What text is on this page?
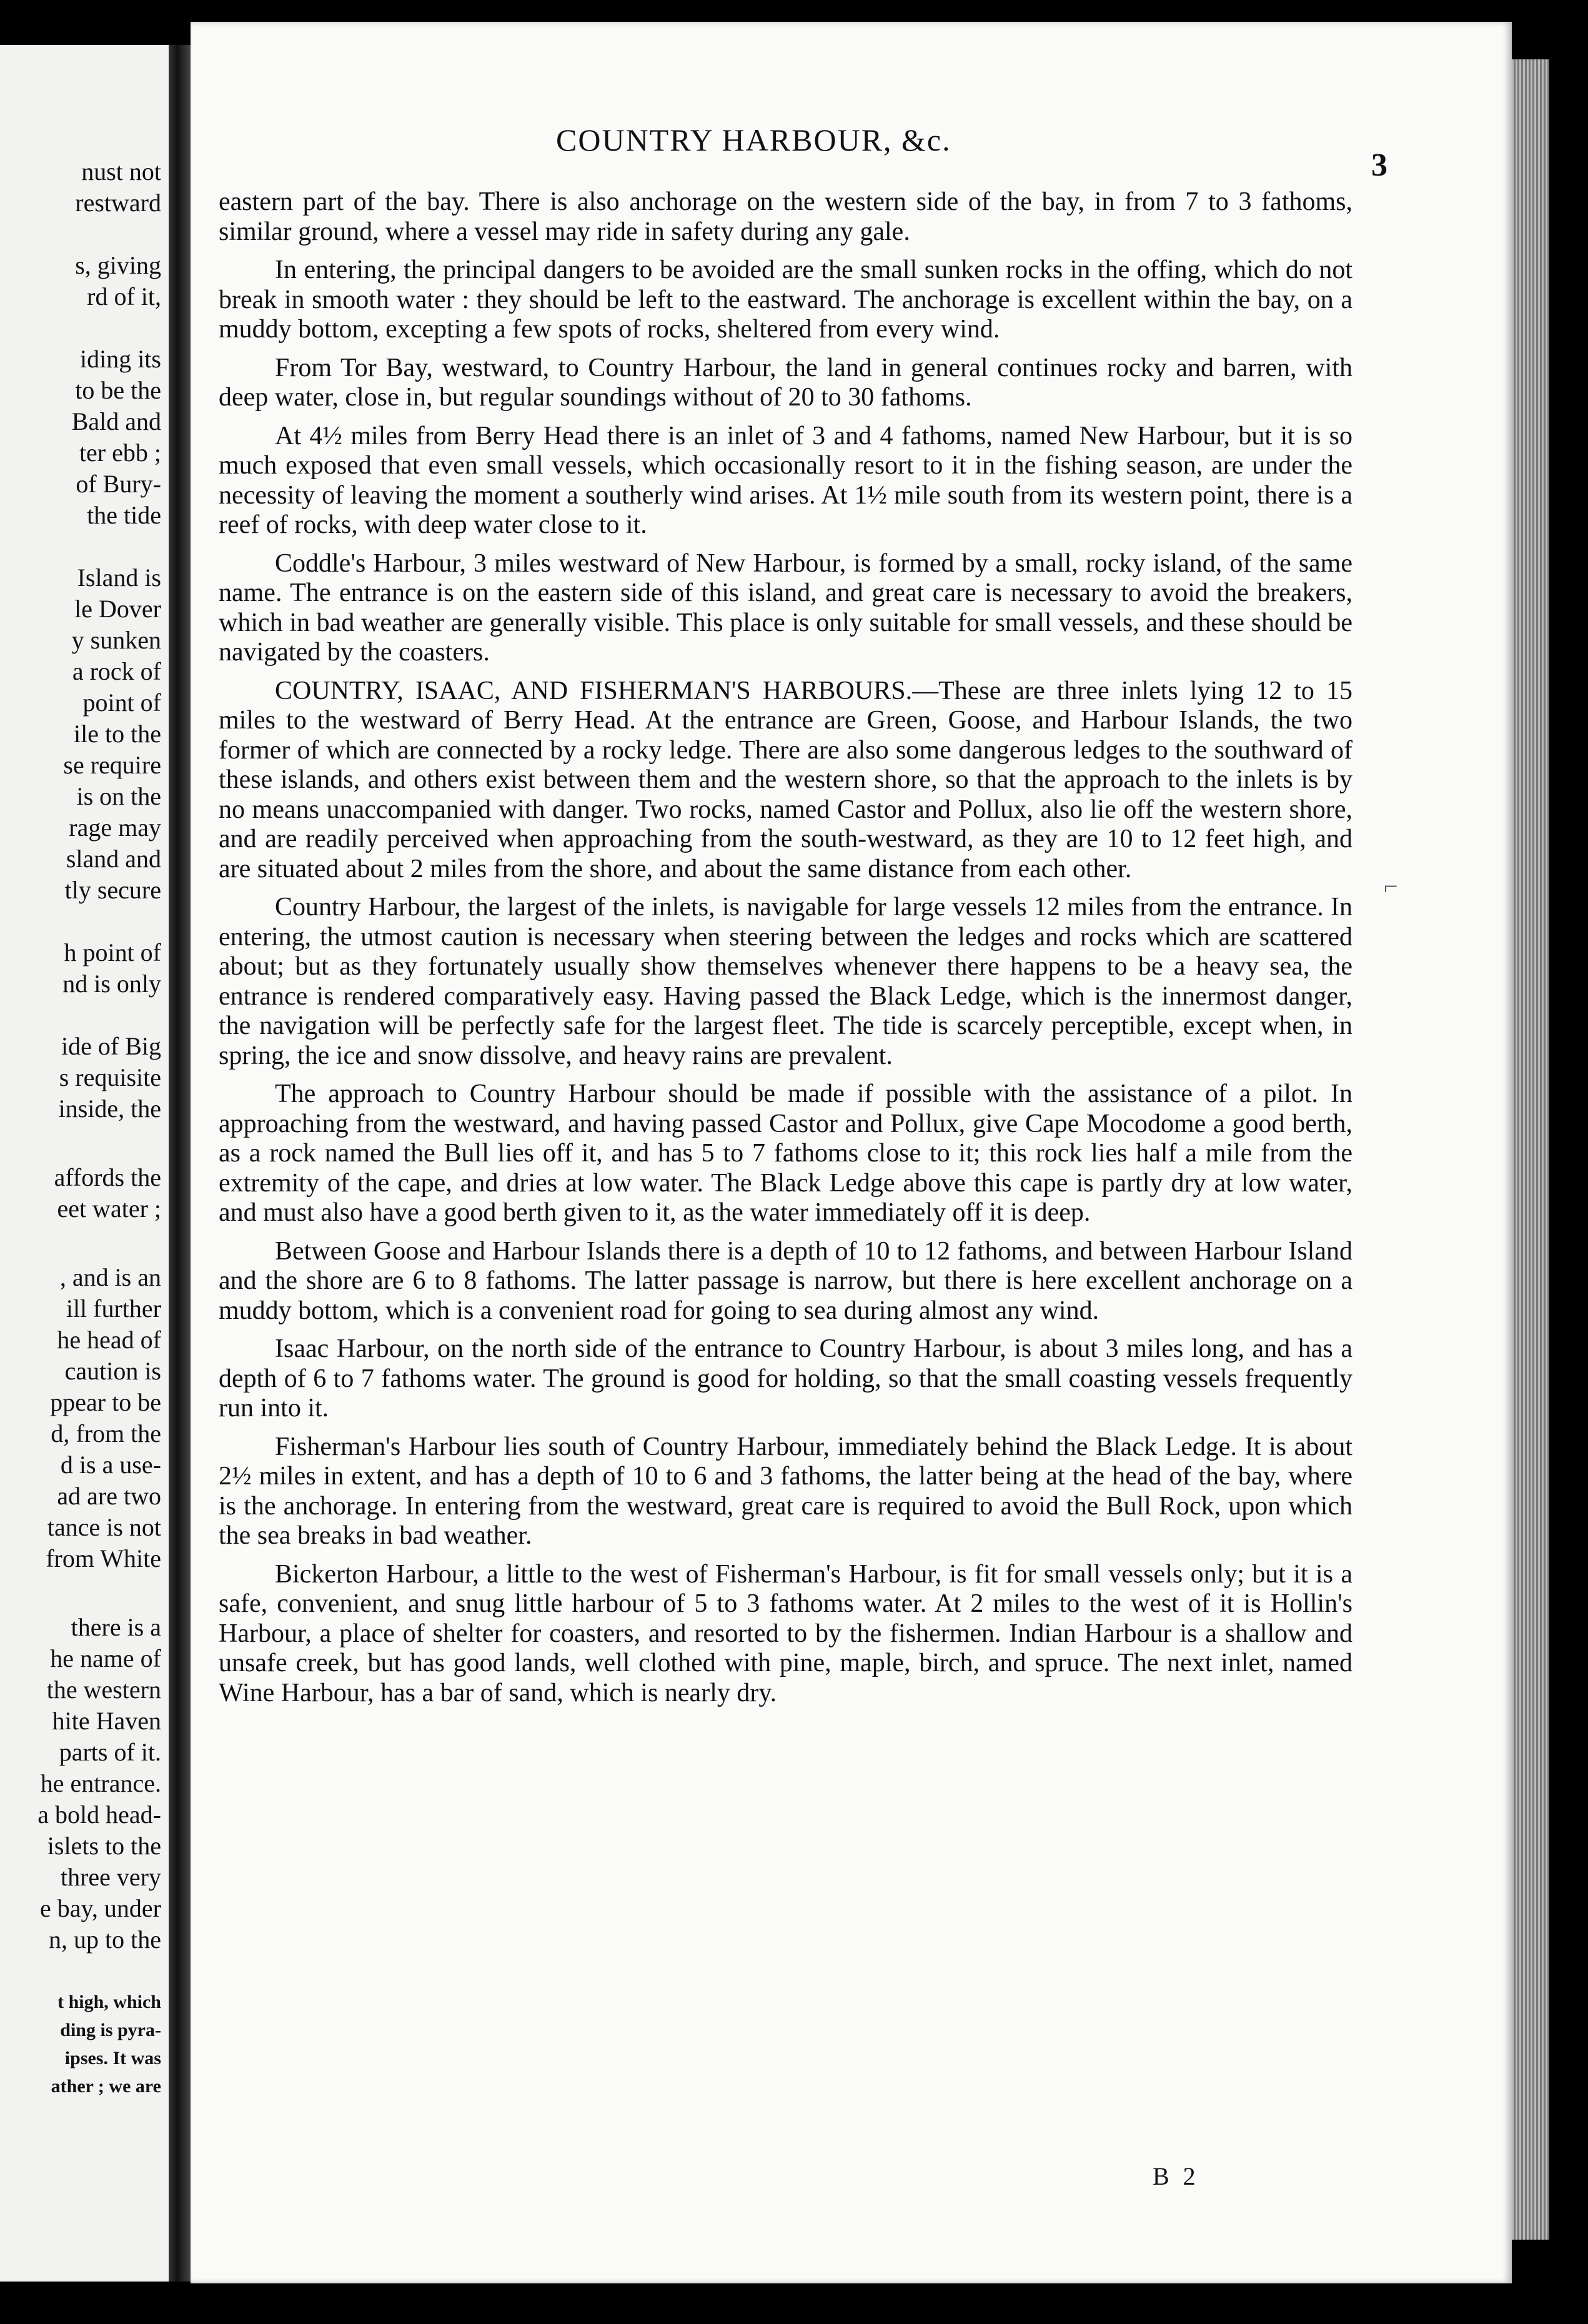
nust not
restward
s, giving
rd of it,
iding its
to be the
Bald and
ter ebb ;
of Bury-
the tide
Island is
le Dover
y sunken
a rock of
point of
ile to the
se require
is on the
rage may
sland and
tly secure
h point of
nd is only
ide of Big
s requisite
inside, the
affords the
eet water ;
, and is an
ill further
he head of
caution is
ppear to be
d, from the
d is a use-
ad are two
tance is not
from White
there is a
he name of
the western
hite Haven
parts of it.
he entrance.
a bold head-
islets to the
three very
e bay, under
n, up to the
t high, which
ding is pyra-
ipses. It was
ather ; we are
COUNTRY HARBOUR, &c.
3

eastern part of the bay. There is also anchorage on the western side of the bay, in from 7 to 3 fathoms, similar ground, where a vessel may ride in safety during any gale.

In entering, the principal dangers to be avoided are the small sunken rocks in the offing, which do not break in smooth water : they should be left to the eastward. The anchorage is excellent within the bay, on a muddy bottom, excepting a few spots of rocks, sheltered from every wind.

From Tor Bay, westward, to Country Harbour, the land in general continues rocky and barren, with deep water, close in, but regular soundings without of 20 to 30 fathoms.

At 4½ miles from Berry Head there is an inlet of 3 and 4 fathoms, named New Harbour, but it is so much exposed that even small vessels, which occasionally resort to it in the fishing season, are under the necessity of leaving the moment a southerly wind arises. At 1½ mile south from its western point, there is a reef of rocks, with deep water close to it.

Coddle's Harbour, 3 miles westward of New Harbour, is formed by a small, rocky island, of the same name. The entrance is on the eastern side of this island, and great care is necessary to avoid the breakers, which in bad weather are generally visible. This place is only suitable for small vessels, and these should be navigated by the coasters.

COUNTRY, ISAAC, AND FISHERMAN'S HARBOURS.—These are three inlets lying 12 to 15 miles to the westward of Berry Head. At the entrance are Green, Goose, and Harbour Islands, the two former of which are connected by a rocky ledge. There are also some dangerous ledges to the southward of these islands, and others exist between them and the western shore, so that the approach to the inlets is by no means unaccompanied with danger. Two rocks, named Castor and Pollux, also lie off the western shore, and are readily perceived when approaching from the south-westward, as they are 10 to 12 feet high, and are situated about 2 miles from the shore, and about the same distance from each other.

Country Harbour, the largest of the inlets, is navigable for large vessels 12 miles from the entrance. In entering, the utmost caution is necessary when steering between the ledges and rocks which are scattered about; but as they fortunately usually show themselves whenever there happens to be a heavy sea, the entrance is rendered comparatively easy. Having passed the Black Ledge, which is the innermost danger, the navigation will be perfectly safe for the largest fleet. The tide is scarcely perceptible, except when, in spring, the ice and snow dissolve, and heavy rains are prevalent.

The approach to Country Harbour should be made if possible with the assistance of a pilot. In approaching from the westward, and having passed Castor and Pollux, give Cape Mocodome a good berth, as a rock named the Bull lies off it, and has 5 to 7 fathoms close to it; this rock lies half a mile from the extremity of the cape, and dries at low water. The Black Ledge above this cape is partly dry at low water, and must also have a good berth given to it, as the water immediately off it is deep.

Between Goose and Harbour Islands there is a depth of 10 to 12 fathoms, and between Harbour Island and the shore are 6 to 8 fathoms. The latter passage is narrow, but there is here excellent anchorage on a muddy bottom, which is a convenient road for going to sea during almost any wind.

Isaac Harbour, on the north side of the entrance to Country Harbour, is about 3 miles long, and has a depth of 6 to 7 fathoms water. The ground is good for holding, so that the small coasting vessels frequently run into it.

Fisherman's Harbour lies south of Country Harbour, immediately behind the Black Ledge. It is about 2½ miles in extent, and has a depth of 10 to 6 and 3 fathoms, the latter being at the head of the bay, where is the anchorage. In entering from the westward, great care is required to avoid the Bull Rock, upon which the sea breaks in bad weather.

Bickerton Harbour, a little to the west of Fisherman's Harbour, is fit for small vessels only; but it is a safe, convenient, and snug little harbour of 5 to 3 fathoms water. At 2 miles to the west of it is Hollin's Harbour, a place of shelter for coasters, and resorted to by the fishermen. Indian Harbour is a shallow and unsafe creek, but has good lands, well clothed with pine, maple, birch, and spruce. The next inlet, named Wine Harbour, has a bar of sand, which is nearly dry.

⌐
B 2
